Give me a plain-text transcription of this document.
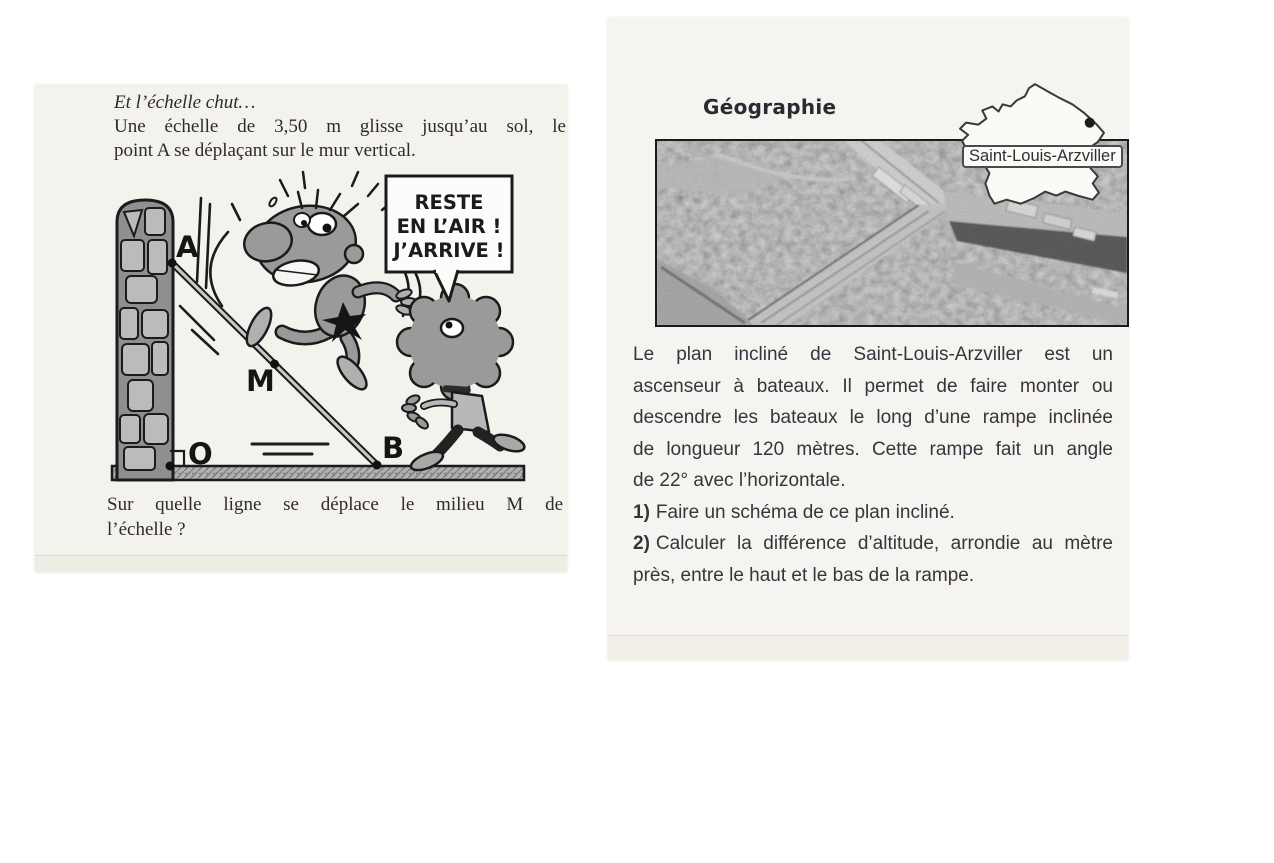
Et l’échelle chut…
Une échelle de 3,50 m glisse jusqu’au sol, le
point A se déplaçant sur le mur vertical.
A
M
O	B
RESTE
EN L’AIR !
J’ARRIVE !
Sur quelle ligne se déplace le milieu M de
l’échelle ?
Géographie
Saint-Louis-Arzviller
Le plan incliné de Saint-Louis-Arzviller est un
ascenseur à bateaux. Il permet de faire monter ou
descendre les bateaux le long d’une rampe inclinée
de longueur 120 mètres. Cette rampe fait un angle
de 22° avec l’horizontale.
1) Faire un schéma de ce plan incliné.
2) Calculer la différence d’altitude, arrondie au mètre
près, entre le haut et le bas de la rampe.
